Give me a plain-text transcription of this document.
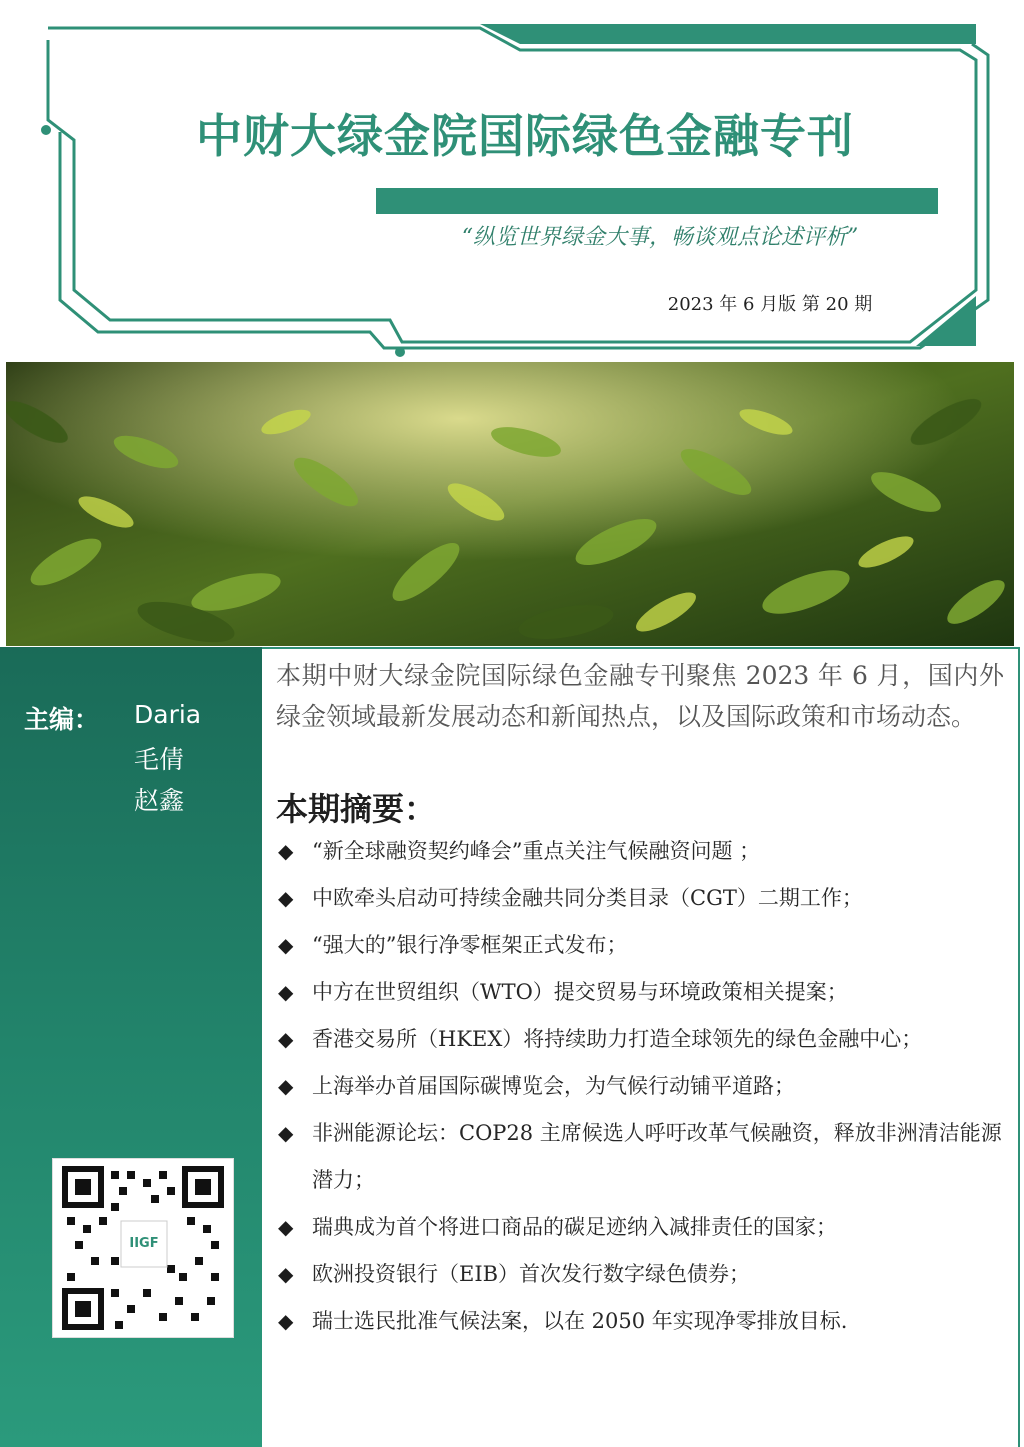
中财大绿金院国际绿色金融专刊
“纵览世界绿金大事，畅谈观点论述评析”
2023 年 6 月版 第 20 期
主编： Daria
毛倩
赵鑫
IIGF
本期中财大绿金院国际绿色金融专刊聚焦 2023 年 6 月，国内外绿金领域最新发展动态和新闻热点，以及国际政策和市场动态。
本期摘要：
◆ “新全球融资契约峰会”重点关注气候融资问题 ；
◆ 中欧牵头启动可持续金融共同分类目录（CGT）二期工作；
◆ “强大的”银行净零框架正式发布；
◆ 中方在世贸组织（WTO）提交贸易与环境政策相关提案；
◆ 香港交易所（HKEX）将持续助力打造全球领先的绿色金融中心；
◆ 上海举办首届国际碳博览会，为气候行动铺平道路；
◆ 非洲能源论坛：COP28 主席候选人呼吁改革气候融资，释放非洲清洁能源潜力；
◆ 瑞典成为首个将进口商品的碳足迹纳入减排责任的国家；
◆ 欧洲投资银行（EIB）首次发行数字绿色债券；
◆ 瑞士选民批准气候法案，以在 2050 年实现净零排放目标.
